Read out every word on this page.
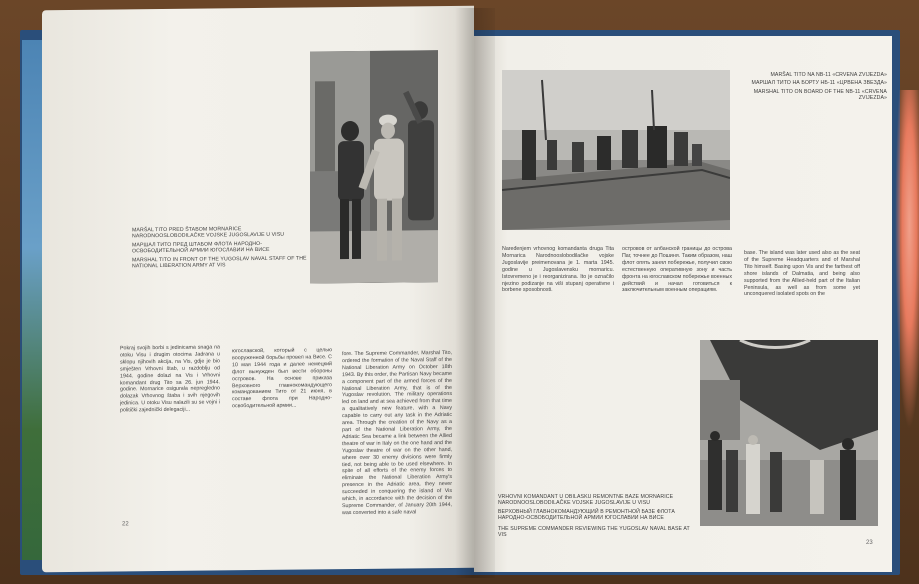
MARŠAL TITO PRED ŠTABOM MORNARICE NARODNOOSLOBODILAČKE VOJSKE JUGOSLAVIJE U VISU
МАРШАЛ ТИТО ПРЕД ШТАБОМ ФЛОТА НАРОДНО-ОСВОБОДИТЕЛЬНОЙ АРМИИ ЮГОСЛАВИИ НА ВИСЕ
MARSHAL TITO IN FRONT OF THE YUGOSLAV NAVAL STAFF OF THE NATIONAL LIBERATION ARMY AT VIS
Pokraj svojih borbi s jedinicama snaga na otoku Visu i drugim otocima Jadrana u sklopu njihovih akcija, na Vis, gdje je bio smješten Vrhovni štab, u razdoblju od 1944. godine dolazi na Vis i Vrhovni komandant drug Tito sa 26. jun 1944. godine. Mornarice osigurala nepregledno dolazak Vrhovnog štaba i svih njegovih jedinica. U otoku Visu nalazili su se vojni i politički zajednički delegaciji...
югославской, который с целью вооруженной борьбы провел на Висе. С 10 мая 1944 года и далее немецкий флот вынужден был вести обороны островов. На основе приказа Верховного главнокомандующего командованием Тито от 21 июня, в составе флота при Народно-освободительной армии...
fore. The Supreme Commander, Marshal Tito, ordered the formation of the Naval Staff of the National Liberation Army on October 18th 1943. By this order, the Partisan Navy became a component part of the armed forces of the National Liberation Army, that is of the Yugoslav revolution. The military operations led on land and at sea achieved from that time a qualitatively new feature, with a Navy capable to carry out any task in the Adriatic area. Through the creation of the Navy as a part of the National Liberation Army, the Adriatic Sea became a link between the Allied theatre of war in Italy on the one hand and the Yugoslav theatre of war on the other hand, where over 30 enemy divisions were firmly tied, not being able to be used elsewhere. In spite of all efforts of the enemy forces to eliminate the National Liberation Army's presence in the Adriatic area, they never succeeded in conquering the island of Vis which, in accordance with the decision of the Supreme Commander, of January 20th 1944, was converted into a safe naval
22
MARŠAL TITO NA NB-11 «CRVENA ZVIJEZDA»
МАРШАЛ ТИТО НА БОРТУ НБ-11 «ЦРВЕНА ЗВЕЗДА»
MARSHAL TITO ON BOARD OF THE NB-11 «CRVENA ZVIJEZDA»
Naređenjem vrhovnog komandanta druga Tita Mornarica Narodnooslobodilačke vojske Jugoslavije preimenovana je 1. marta 1945. godine u Jugoslavensku mornaricu. Istovremeno je i reorganizirana. Ito je označilo njezino podizanje na viši stupanj operativne i borbene sposobnosti.
островов от албанской границы до острова Паг, точнее до Пошиня. Таким образом, наш флот опять занял побережье, получил свою естественную оперативную зону и часть фронта на югославском побережье военных действий и начал готовиться к заключительным военным операциям.
base. The island was later used also as the seat of the Supreme Headquarters and of Marshal Tito himself. Basing upon Vis and the farthest off shore islands of Dalmatia, and being also supported from the Allied-held part of the Italian Peninsula, as well as from some yet unconquered isolated spots on the
VRHOVNI KOMANDANT U OBILASKU REMONTNE BAZE MORNARICE NARODNOOSLOBODILAČKE VOJSKE JUGOSLAVIJE U VISU
ВЕРХОВНЫЙ ГЛАВНОКОМАНДУЮЩИЙ В РЕМОНТНОЙ БАЗЕ ФЛОТА НАРОДНО-ОСВОБОДИТЕЛЬНОЙ АРМИИ ЮГОСЛАВИИ НА ВИСЕ
THE SUPREME COMMANDER REVIEWING THE YUGOSLAV NAVAL BASE AT VIS
23
